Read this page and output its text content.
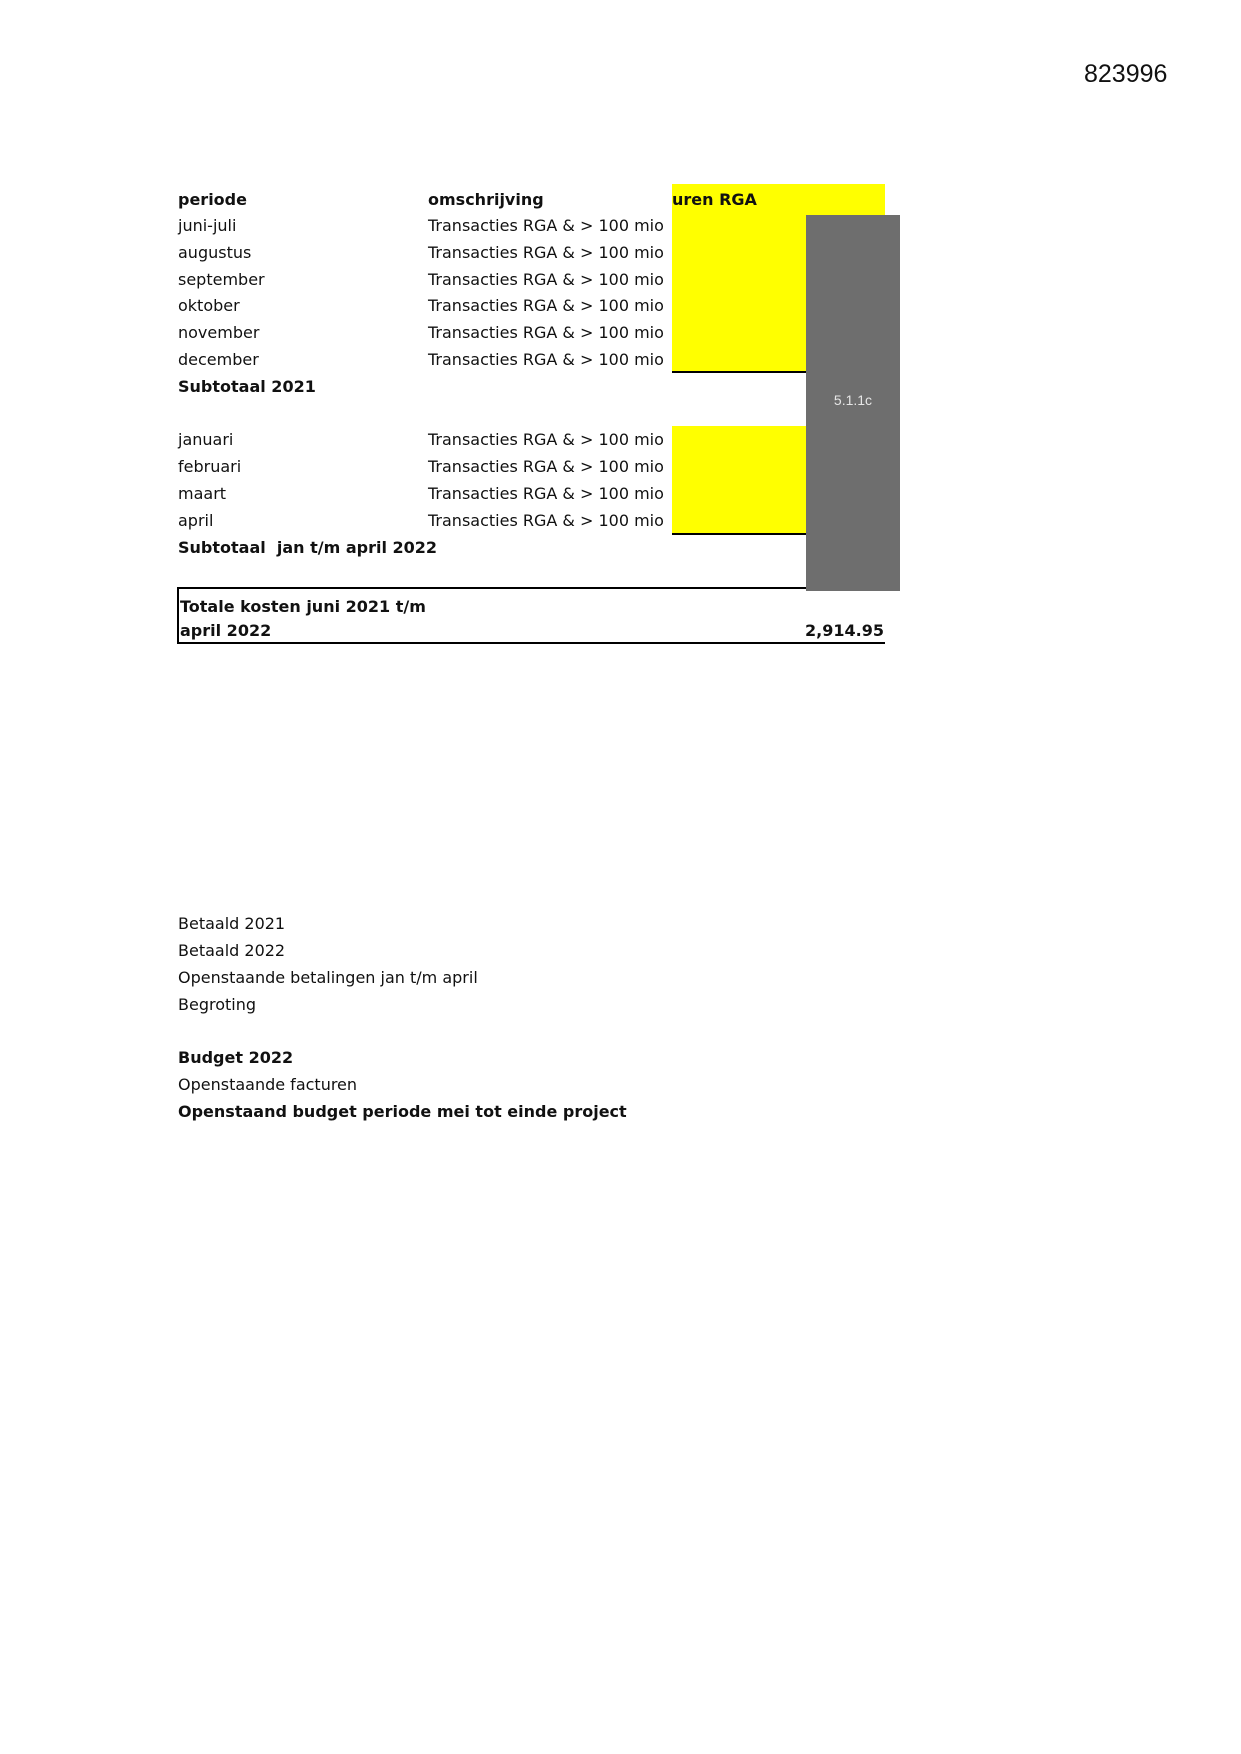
823996
periode	omschrijving	uren RGA
juni-juli	Transacties RGA & > 100 mio
augustus	Transacties RGA & > 100 mio
september	Transacties RGA & > 100 mio
oktober	Transacties RGA & > 100 mio
november	Transacties RGA & > 100 mio
december	Transacties RGA & > 100 mio
Subtotaal 2021
januari	Transacties RGA & > 100 mio
februari	Transacties RGA & > 100 mio
maart	Transacties RGA & > 100 mio
april	Transacties RGA & > 100 mio
Subtotaal  jan t/m april 2022
Totale kosten juni 2021 t/m
april 2022	2,914.95
5.1.1c
Betaald 2021
Betaald 2022
Openstaande betalingen jan t/m april
Begroting
Budget 2022
Openstaande facturen
Openstaand budget periode mei tot einde project
